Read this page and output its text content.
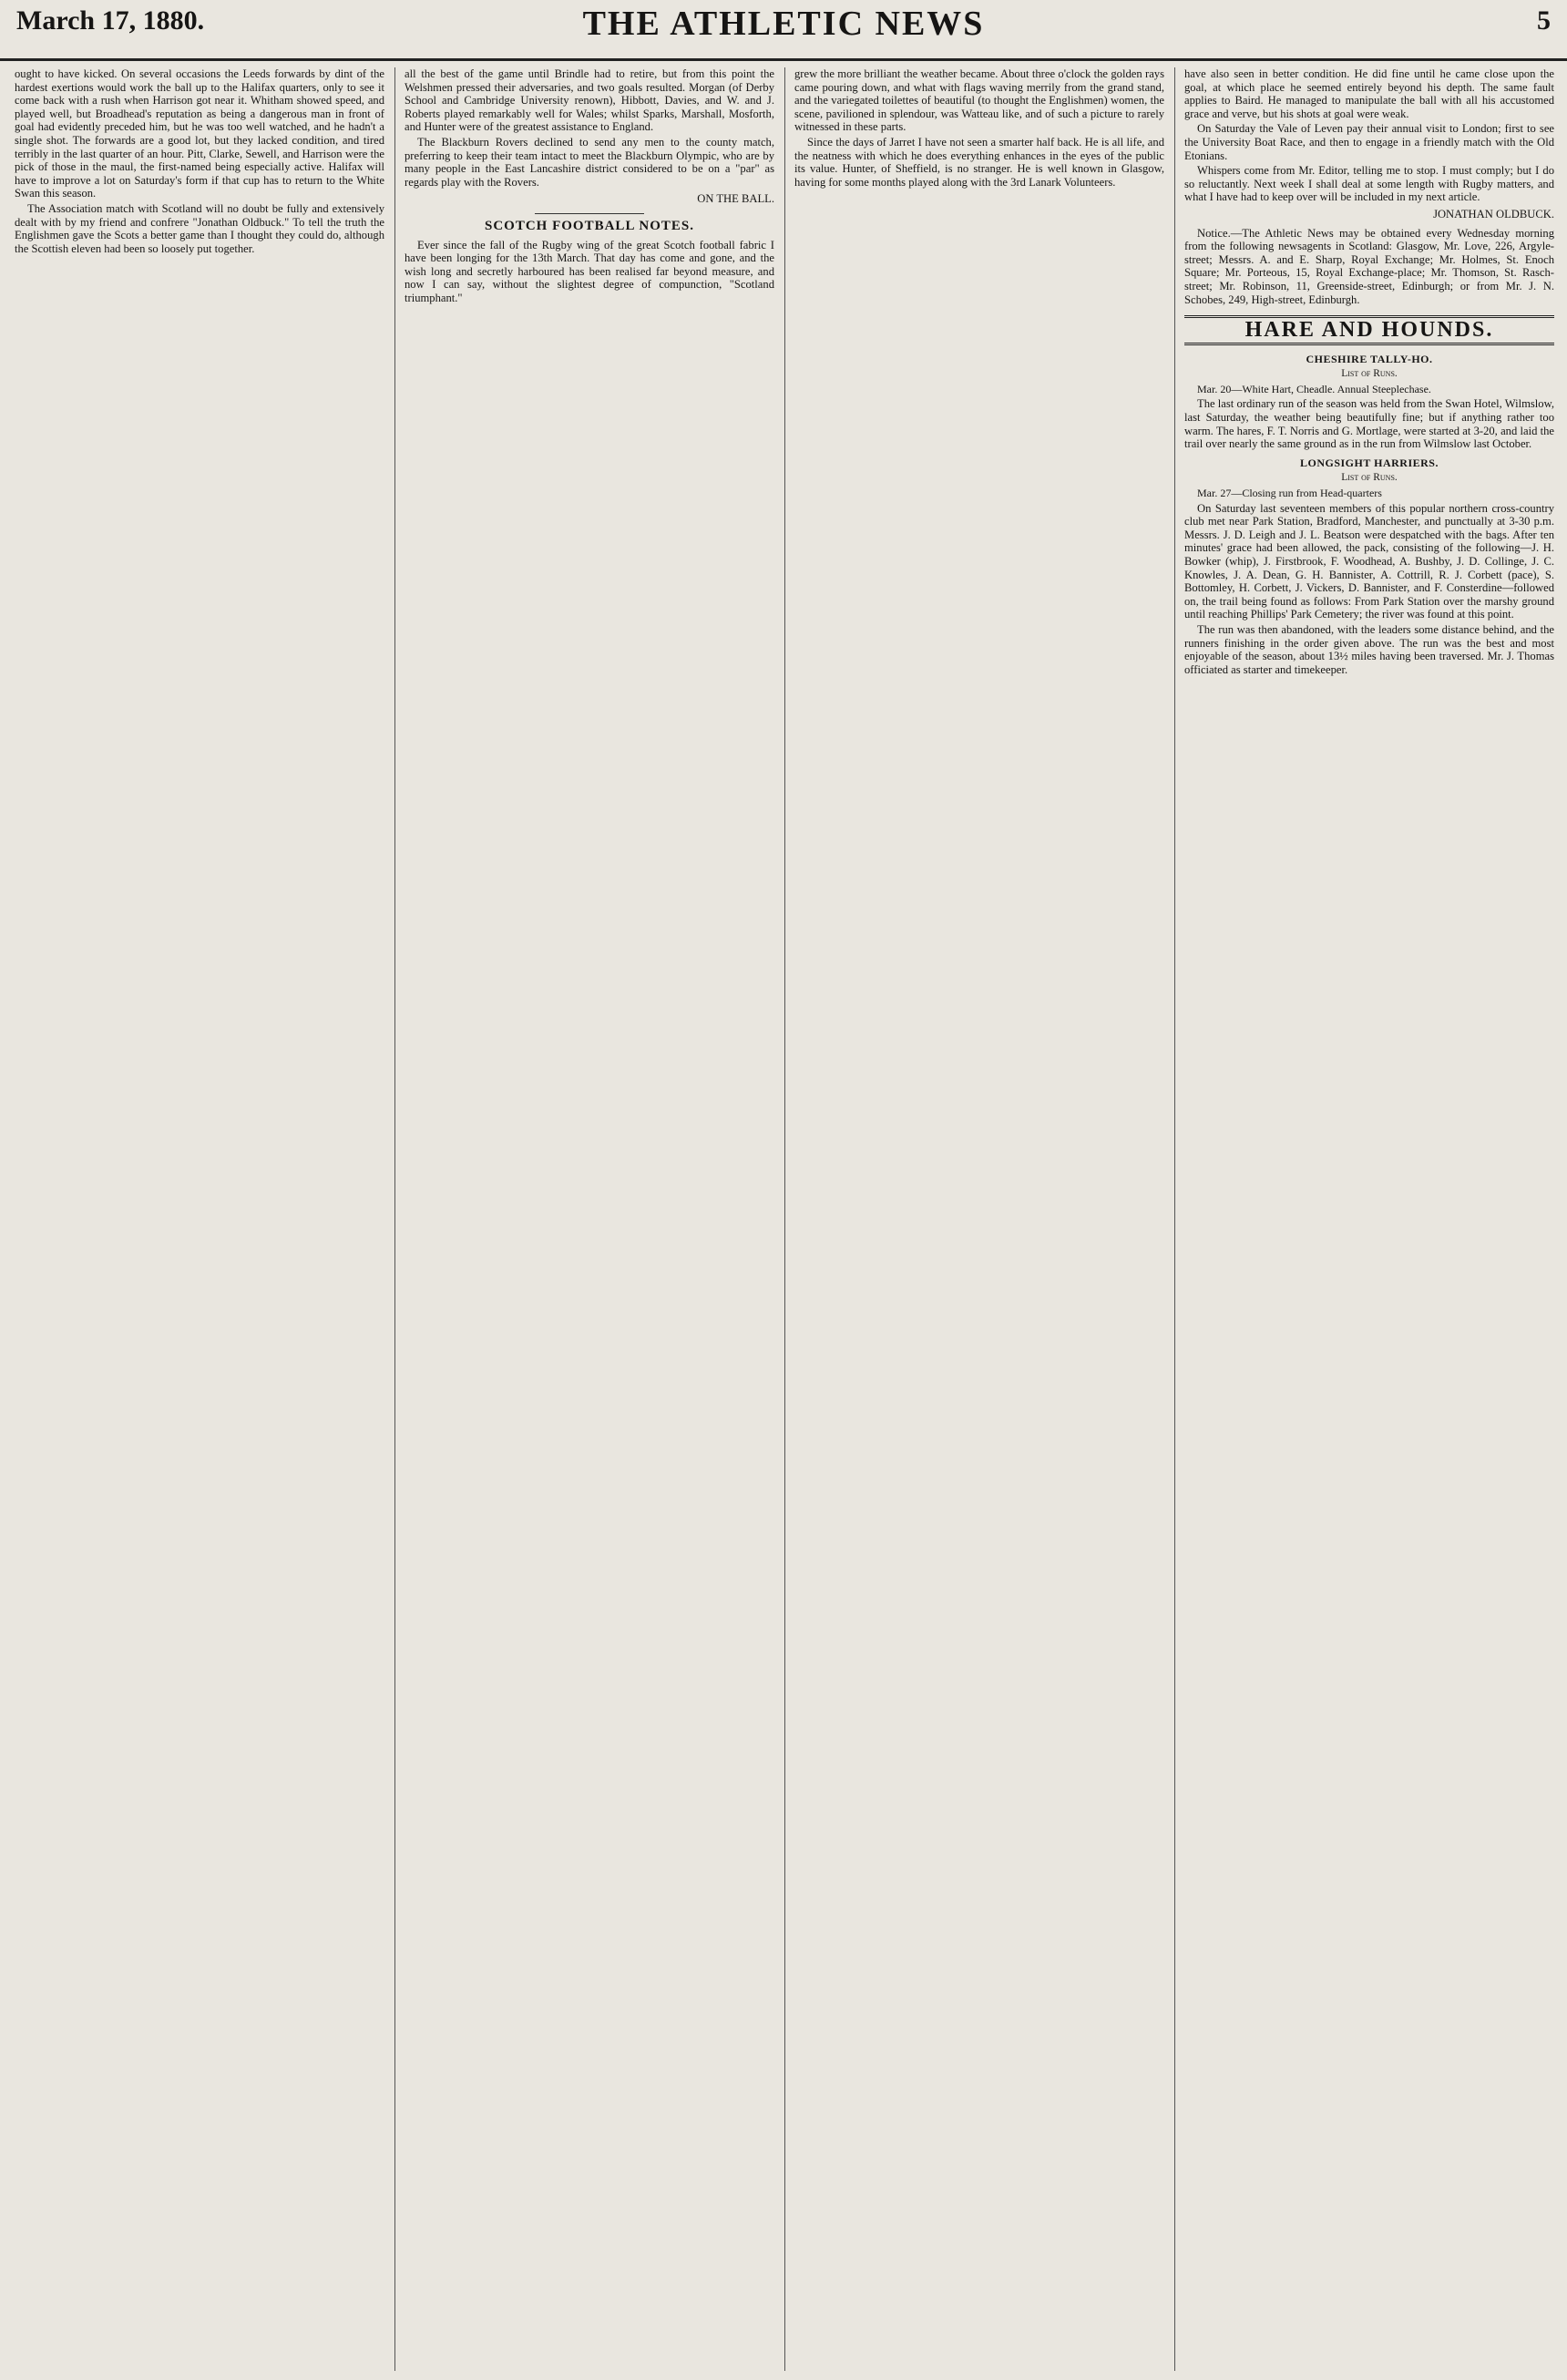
March 17, 1880.	THE ATHLETIC NEWS	5

ought to have kicked. On several occasions the Leeds forwards by dint of the hardest exertions would work the ball up to the Halifax quarters, only to see it come back with a rush when Harrison got near it. Whitham showed speed, and played well, but Broadhead's reputation as being a dangerous man in front of goal had evidently preceded him, but he was too well watched, and he hadn't a single shot. The forwards are a good lot, but they lacked condition, and tired terribly in the last quarter of an hour. Pitt, Clarke, Sewell, and Harrison were the pick of those in the maul, the first-named being especially active. Halifax will have to improve a lot on Saturday's form if that cup has to return to the White Swan this season.

The Association match with Scotland will no doubt be fully and extensively dealt with by my friend and confrere "Jonathan Oldbuck." To tell the truth the Englishmen gave the Scots a better game than I thought they could do, although the Scottish eleven had been so loosely put together.

all the best of the game until Brindle had to retire, but from this point the Welshmen pressed their adversaries, and two goals resulted. Morgan (of Derby School and Cambridge University renown), Hibbott, Davies, and W. and J. Roberts played remarkably well for Wales; whilst Sparks, Marshall, Mosforth, and Hunter were of the greatest assistance to England.

The Blackburn Rovers declined to send any men to the county match, preferring to keep their team intact to meet the Blackburn Olympic, who are by many people in the East Lancashire district considered to be on a "par" as regards play with the Rovers.

ON THE BALL.
SCOTCH FOOTBALL NOTES.

Ever since the fall of the Rugby wing of the great Scotch football fabric I have been longing for the 13th March. That day has come and gone, and the wish long and secretly harboured has been realised far beyond measure, and now I can say, without the slightest degree of compunction, "Scotland triumphant."

grew the more brilliant the weather became. About three o'clock the golden rays came pouring down, and what with flags waving merrily from the grand stand, and the variegated toilettes of beautiful (to thought the Englishmen) women, the scene, pavilioned in splendour, was Watteau like, and of such a picture to rarely witnessed in these parts.

Since the days of Jarret I have not seen a smarter half back. He is all life, and the neatness with which he does everything enhances in the eyes of the public its value. Hunter, of Sheffield, is no stranger. He is well known in Glasgow, having for some months played along with the 3rd Lanark Volunteers.

have also seen in better condition. He did fine until he came close upon the goal, at which place he seemed entirely beyond his depth. The same fault applies to Baird. He managed to manipulate the ball with all his accustomed grace and verve, but his shots at goal were weak.

On Saturday the Vale of Leven pay their annual visit to London; first to see the University Boat Race, and then to engage in a friendly match with the Old Etonians.

Whispers come from Mr. Editor, telling me to stop. I must comply; but I do so reluctantly. Next week I shall deal at some length with Rugby matters, and what I have had to keep over will be included in my next article.

JONATHAN OLDBUCK.

Notice.—The Athletic News may be obtained every Wednesday morning from the following newsagents in Scotland: Glasgow, Mr. Love, 226, Argyle-street; Messrs. A. and E. Sharp, Royal Exchange; Mr. Holmes, St. Enoch Square; Mr. Porteous, 15, Royal Exchange-place; Mr. Thomson, St. Rasch-street; Mr. Robinson, 11, Greenside-street, Edinburgh; or from Mr. J. N. Schobes, 249, High-street, Edinburgh.

HARE AND HOUNDS.
CHESHIRE TALLY-HO.
List of Runs.

Mar. 20—White Hart, Cheadle. Annual Steeplechase.

The last ordinary run of the season was held from the Swan Hotel, Wilmslow, last Saturday, the weather being beautifully fine; but if anything rather too warm. The hares, F. T. Norris and G. Mortlage, were started at 3-20, and laid the trail over nearly the same ground as in the run from Wilmslow last October.

LONGSIGHT HARRIERS.
List of Runs.

Mar. 27—Closing run from Head-quarters

On Saturday last seventeen members of this popular northern cross-country club met near Park Station, Bradford, Manchester, and punctually at 3-30 p.m. Messrs. J. D. Leigh and J. L. Beatson were despatched with the bags. After ten minutes' grace had been allowed, the pack, consisting of the following—J. H. Bowker (whip), J. Firstbrook, F. Woodhead, A. Bushby, J. D. Collinge, J. C. Knowles, J. A. Dean, G. H. Bannister, A. Cottrill, R. J. Corbett (pace), S. Bottomley, H. Corbett, J. Vickers, D. Bannister, and F. Consterdine—followed on, the trail being found as follows: From Park Station over the marshy ground until reaching Phillips' Park Cemetery; the river was found at this point.

The run was then abandoned, with the leaders some distance behind, and the runners finishing in the order given above. The run was the best and most enjoyable of the season, about 13½ miles having been traversed. Mr. J. Thomas officiated as starter and timekeeper.
